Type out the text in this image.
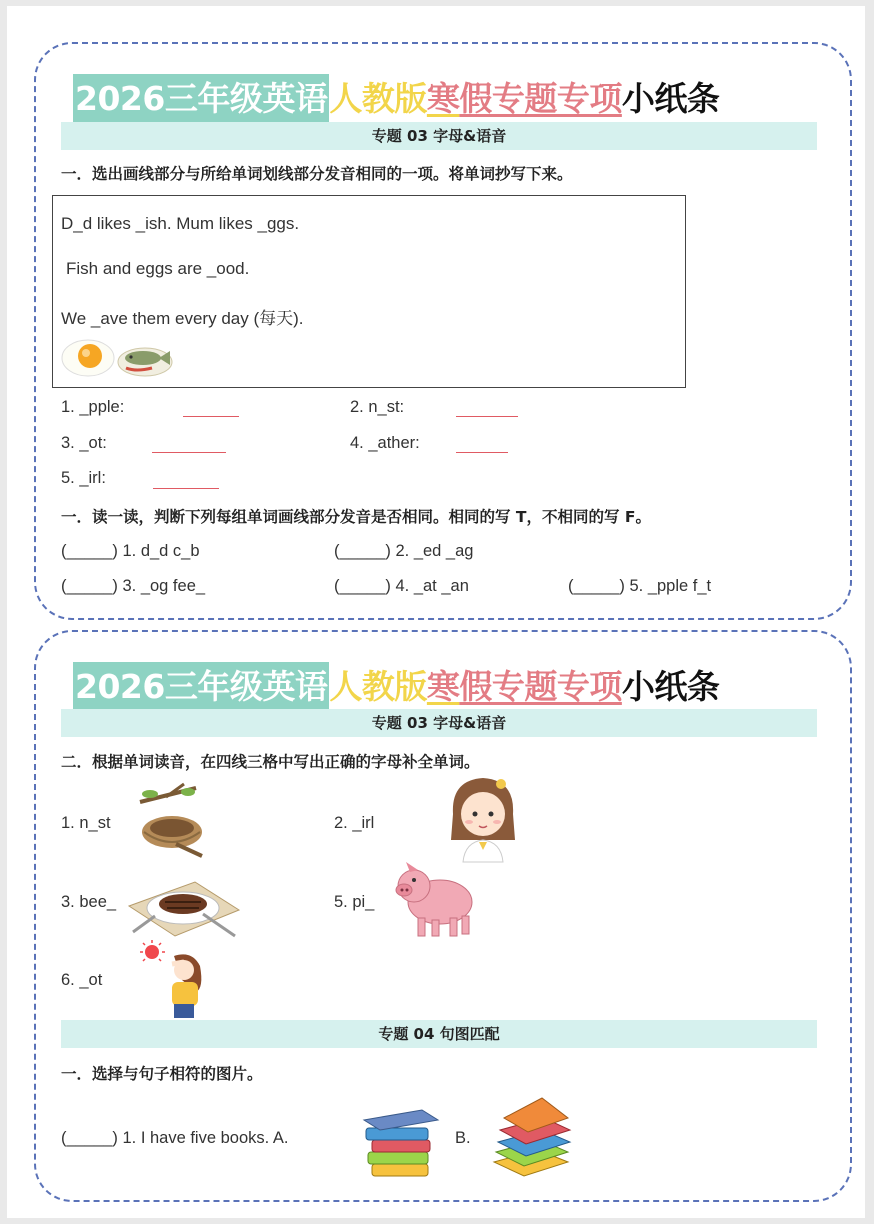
2026三年级英语 人教版 寒 假专题专项 小纸条
专题 03 字母&语音
一．选出画线部分与所给单词划线部分发音相同的一项。将单词抄写下来。
D_d likes _ish. Mum likes _ggs.
Fish and eggs are _ood.
We _ave them every day (每天).
1. _pple:	2. n_st:
3. _ot:	4. _ather:
5. _irl:
一．读一读，判断下列每组单词画线部分发音是否相同。相同的写 T，不相同的写 F。
(_____) 1. d_d c_b	(_____) 2. _ed _ag
(_____) 3. _og fee_	(_____) 4. _at _an	(_____) 5. _pple f_t
2026三年级英语 人教版 寒 假专题专项 小纸条
专题 03 字母&语音
二．根据单词读音，在四线三格中写出正确的字母补全单词。
1. n_st	2. _irl
3. bee_	5. pi_
6. _ot
专题 04 句图匹配
一．选择与句子相符的图片。
(_____) 1. I have five books. A.	B.
